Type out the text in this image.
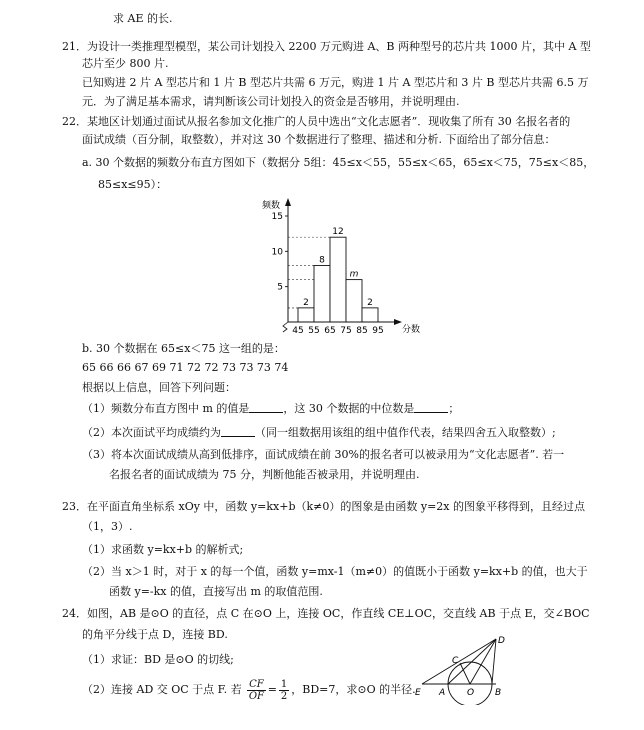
求 AE 的长.
21．为设计一类推理型模型，某公司计划投入 2200 万元购进 A、B 两种型号的芯片共 1000 片，其中 A 型
芯片至少 800 片.
已知购进 2 片 A 型芯片和 1 片 B 型芯片共需 6 万元，购进 1 片 A 型芯片和 3 片 B 型芯片共需 6.5 万
元．为了满足基本需求，请判断该公司计划投入的资金是否够用，并说明理由.
22．某地区计划通过面试从报名参加文化推广的人员中选出“文化志愿者”．现收集了所有 30 名报名者的
面试成绩（百分制，取整数），并对这 30 个数据进行了整理、描述和分析. 下面给出了部分信息：
a. 30 个数据的频数分布直方图如下（数据分 5组：45≤x＜55，55≤x＜65，65≤x＜75，75≤x＜85，
85≤x≤95）：
5
10
15
45 55 65 75 85 95
2
8
12
m
2
频数
分数
b. 30 个数据在 65≤x＜75 这一组的是：
65 66 66 67 69 71 72 72 73 73 73 74
根据以上信息，回答下列问题：
（1）频数分布直方图中 m 的值是	，这 30 个数据的中位数是	；
（2）本次面试平均成绩约为	（同一组数据用该组的组中值作代表，结果四舍五入取整数）;
（3）将本次面试成绩从高到低排序，面试成绩在前 30%的报名者可以被录用为“文化志愿者”. 若一
名报名者的面试成绩为 75 分，判断他能否被录用，并说明理由.
23．在平面直角坐标系 xOy 中，函数 y=kx+b（k≠0）的图象是由函数 y=2x 的图象平移得到，且经过点
（1，3）.
（1）求函数 y=kx+b 的解析式;
（2）当 x＞1 时，对于 x 的每一个值，函数 y=mx-1（m≠0）的值既小于函数 y=kx+b 的值，也大于
函数 y=-kx 的值，直接写出 m 的取值范围.
24．如图，AB 是⊙O 的直径，点 C 在⊙O 上，连接 OC，作直线 CE⊥OC，交直线 AB 于点 E，交∠BOC
的角平分线于点 D，连接 BD.
（1）求证：BD 是⊙O 的切线;
（2）连接 AD 交 OC 于点 F. 若 $\frac{CF}{OF} = \frac{1}{2}$ ，BD=7，求⊙O 的半径.
D
C
E A O B
